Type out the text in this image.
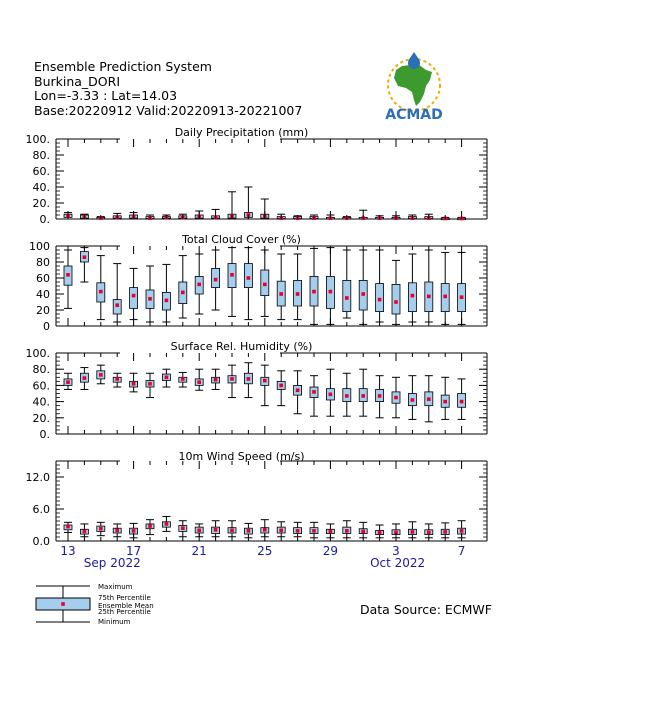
Ensemble Prediction System
Burkina_DORI
Lon=-3.33 : Lat=14.03
Base:20220912 Valid:20220913-20221007	ACMAD
Daily Precipitation (mm)
0.
20.
40.
60.
80.
100.
Total Cloud Cover (%)
0
20
40
60
80
100
Surface Rel. Humidity (%)
0.
20.
40.
60.
80.
100.
10m Wind Speed (m/s)
0.0
6.0
12.0
13	17	21	25	29	3	7
Sep 2022	Oct 2022
Maximum
75th Percentile
Ensemble Mean
25th Percentile
Minimum
Data Source: ECMWF
